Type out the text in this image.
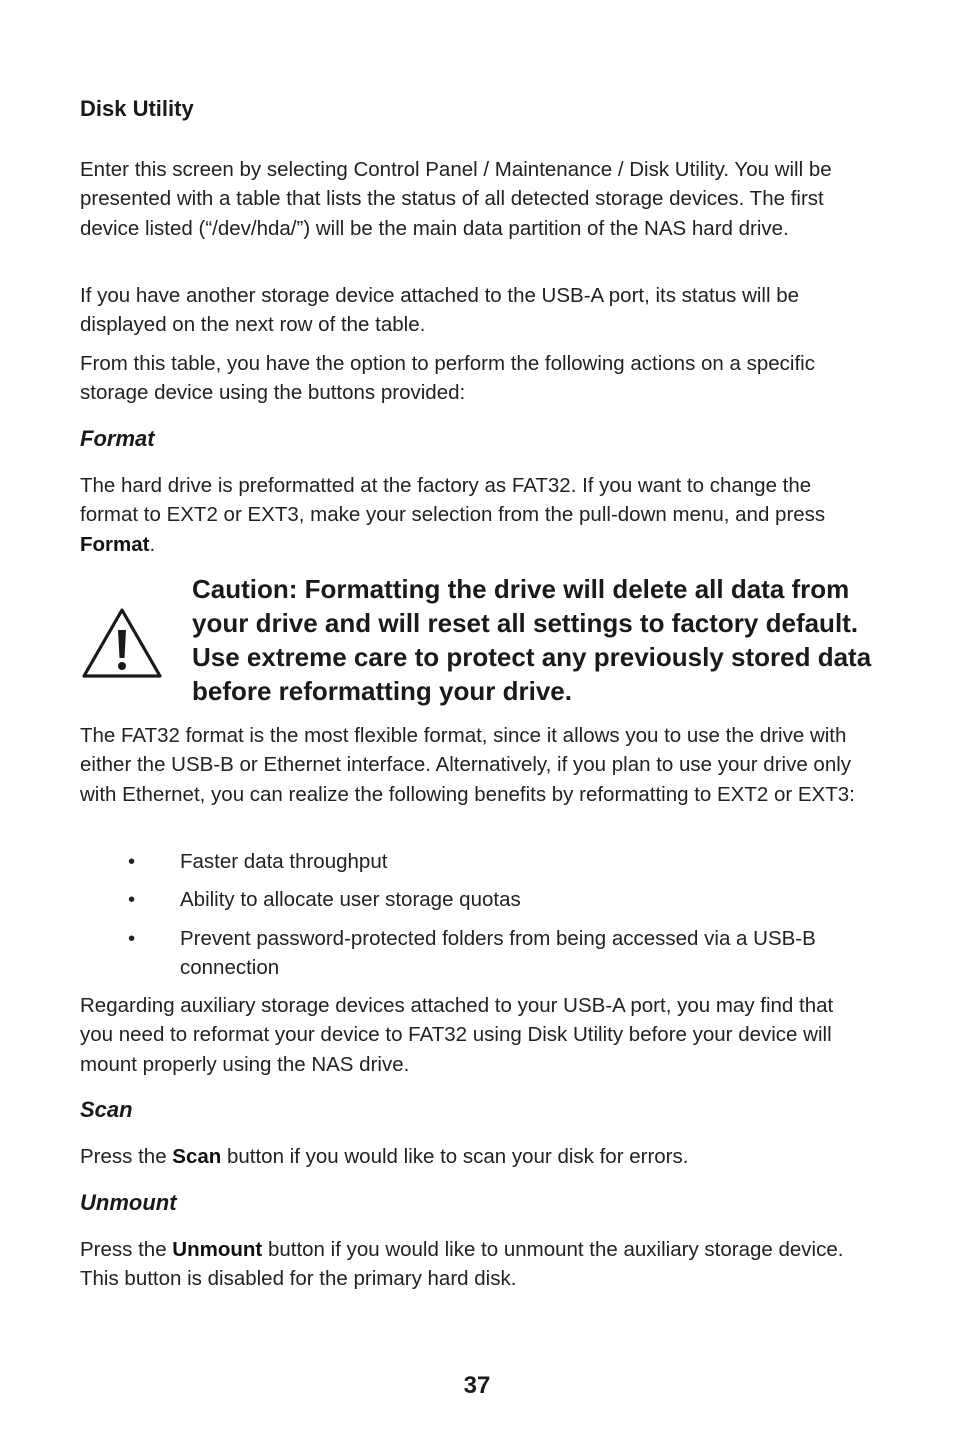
Disk Utility

Enter this screen by selecting Control Panel / Maintenance / Disk Utility. You will be presented with a table that lists the status of all detected storage devices. The first device listed (“/dev/hda/”) will be the main data partition of the NAS hard drive.

If you have another storage device attached to the USB-A port, its status will be displayed on the next row of the table.

From this table, you have the option to perform the following actions on a specific storage device using the buttons provided:

Format

The hard drive is preformatted at the factory as FAT32. If you want to change the format to EXT2 or EXT3, make your selection from the pull-down menu, and press Format.

Caution: Formatting the drive will delete all data from your drive and will reset all settings to factory default. Use extreme care to protect any previously stored data before reformatting your drive.

The FAT32 format is the most flexible format, since it allows you to use the drive with either the USB-B or Ethernet interface. Alternatively, if you plan to use your drive only with Ethernet, you can realize the following benefits by reformatting to EXT2 or EXT3:

• Faster data throughput
• Ability to allocate user storage quotas
• Prevent password-protected folders from being accessed via a USB-B connection

Regarding auxiliary storage devices attached to your USB-A port, you may find that you need to reformat your device to FAT32 using Disk Utility before your device will mount properly using the NAS drive.

Scan

Press the Scan button if you would like to scan your disk for errors.

Unmount

Press the Unmount button if you would like to unmount the auxiliary storage device. This button is disabled for the primary hard disk.

37
